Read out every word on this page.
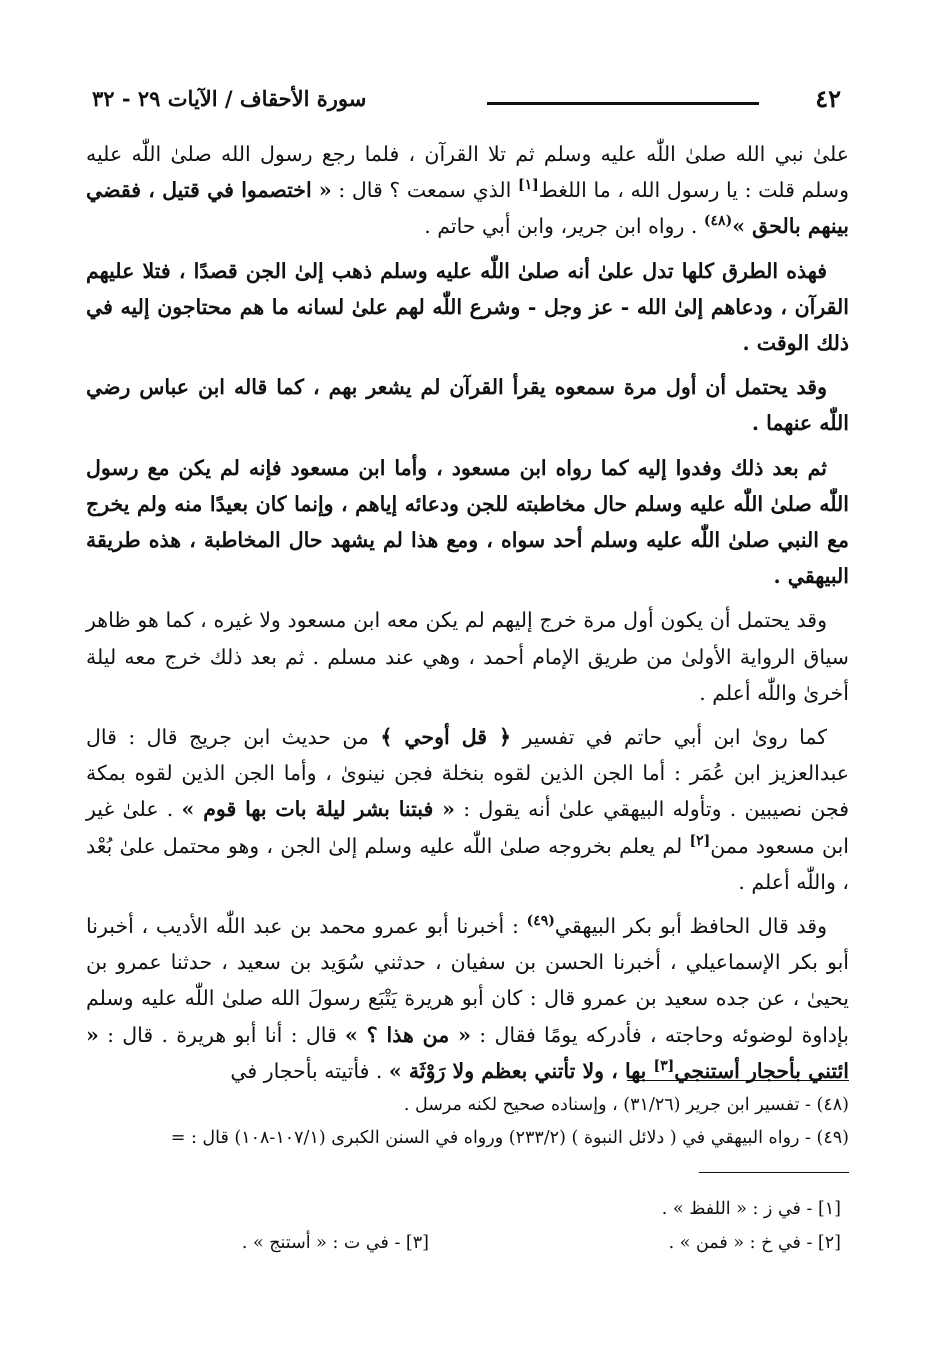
٤٢
سورة الأحقاف / الآيات ٢٩ - ٣٢

علىٰ نبي الله صلىٰ اللّٰه عليه وسلم ثم تلا القرآن ، فلما رجع رسول الله صلىٰ اللّٰه عليه وسلم قلت : يا رسول الله ، ما اللغط[١] الذي سمعت ؟ قال : « اختصموا في قتيل ، فقضي بينهم بالحق »$^{(٤٨)}$ . رواه ابن جرير، وابن أبي حاتم .

فهذه الطرق كلها تدل علىٰ أنه صلىٰ اللّٰه عليه وسلم ذهب إلىٰ الجن قصدًا ، فتلا عليهم القرآن ، ودعاهم إلىٰ الله - عز وجل - وشرع اللّٰه لهم علىٰ لسانه ما هم محتاجون إليه في ذلك الوقت .

وقد يحتمل أن أول مرة سمعوه يقرأ القرآن لم يشعر بهم ، كما قاله ابن عباس رضي اللّٰه عنهما .

ثم بعد ذلك وفدوا إليه كما رواه ابن مسعود ، وأما ابن مسعود فإنه لم يكن مع رسول اللّٰه صلىٰ اللّٰه عليه وسلم حال مخاطبته للجن ودعائه إياهم ، وإنما كان بعيدًا منه ولم يخرج مع النبي صلىٰ اللّٰه عليه وسلم أحد سواه ، ومع هذا لم يشهد حال المخاطبة ، هذه طريقة البيهقي .

وقد يحتمل أن يكون أول مرة خرج إليهم لم يكن معه ابن مسعود ولا غيره ، كما هو ظاهر سياق الرواية الأولىٰ من طريق الإمام أحمد ، وهي عند مسلم . ثم بعد ذلك خرج معه ليلة أخرىٰ واللّٰه أعلم .

كما روىٰ ابن أبي حاتم في تفسير ﴿ قل أوحي ﴾ من حديث ابن جريج قال : قال عبدالعزيز ابن عُمَر : أما الجن الذين لقوه بنخلة فجن نينوىٰ ، وأما الجن الذين لقوه بمكة فجن نصيبين . وتأوله البيهقي علىٰ أنه يقول : « فبتنا بشر ليلة بات بها قوم » . علىٰ غير ابن مسعود ممن[٢] لم يعلم بخروجه صلىٰ اللّٰه عليه وسلم إلىٰ الجن ، وهو محتمل علىٰ بُعْد ، واللّٰه أعلم .

وقد قال الحافظ أبو بكر البيهقي$^{(٤٩)}$ : أخبرنا أبو عمرو محمد بن عبد اللّٰه الأديب ، أخبرنا أبو بكر الإسماعيلي ، أخبرنا الحسن بن سفيان ، حدثني سُوَيد بن سعيد ، حدثنا عمرو بن يحيىٰ ، عن جده سعيد بن عمرو قال : كان أبو هريرة يَتْبَع رسولَ الله صلىٰ اللّٰه عليه وسلم بإداوة لوضوئه وحاجته ، فأدركه يومًا فقال : « من هذا ؟ » قال : أنا أبو هريرة . قال : « ائتني بأحجار أستنجي[٣] بها ، ولا تأتني بعظم ولا رَوْثَة » . فأتيته بأحجار في

(٤٨) - تفسير ابن جرير (٣١/٢٦) ، وإسناده صحيح لكنه مرسل .
(٤٩) - رواه البيهقي في ( دلائل النبوة ) (٢٣٣/٢) ورواه في السنن الكبرى (١٠٧/١-١٠٨) قال : =
[١] - في ز : « اللفظ » .
[٢] - في خ : « فمن » .
[٣] - في ت : « أستنج » .
